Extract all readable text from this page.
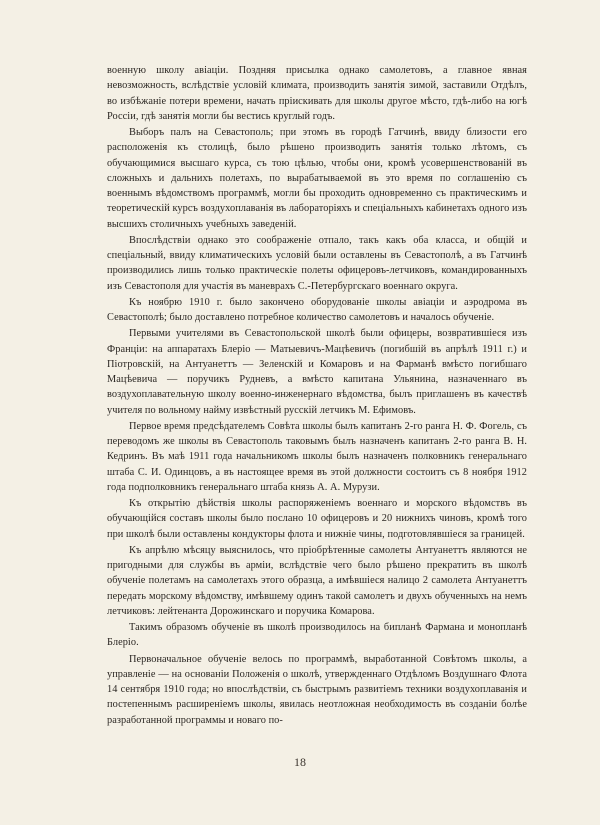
военную школу авіаціи. Поздняя присылка однако самолетовъ, а главное явная невозможность, вслѣдствіе условій климата, производить занятія зимой, заставили Отдѣлъ, во избѣжаніе потери времени, начать пріискивать для школы другое мѣсто, гдѣ-либо на югѣ Россіи, гдѣ занятія могли бы вестись круглый годъ.

Выборъ палъ на Севастополь; при этомъ въ городѣ Гатчинѣ, ввиду близости его расположенія къ столицѣ, было рѣшено производить занятія только лѣтомъ, съ обучающимися высшаго курса, съ тою цѣлью, чтобы они, кромѣ усовершенствованій въ сложныхъ и дальнихъ полетахъ, по вырабатываемой въ это время по соглашенію съ военнымъ вѣдомствомъ программѣ, могли бы проходить одновременно съ практическимъ и теоретическій курсъ воздухоплаванія въ лабораторіяхъ и спеціальныхъ кабинетахъ одного изъ высшихъ столичныхъ учебныхъ заведеній.

Впослѣдствіи однако это соображеніе отпало, такъ какъ оба класса, и общій и спеціальный, ввиду климатическихъ условій были оставлены въ Севастополѣ, а въ Гатчинѣ производились лишь только практическіе полеты офицеровъ-летчиковъ, командированныхъ изъ Севастополя для участія въ маневрахъ С.-Петербургскаго военнаго округа.

Къ ноябрю 1910 г. было закончено оборудованіе школы авіаціи и аэродрома въ Севастополѣ; было доставлено потребное количество самолетовъ и началось обученіе.

Первыми учителями въ Севастопольской школѣ были офицеры, возвратившіеся изъ Франціи: на аппаратахъ Блеріо — Матыевичъ-Мацѣевичъ (погибшій въ апрѣлѣ 1911 г.) и Піотровскій, на Антуанеттъ — Зеленскій и Комаровъ и на Фарманѣ вмѣсто погибшаго Мацѣевича — поручикъ Рудневъ, а вмѣсто капитана Ульянина, назначеннаго въ воздухоплавательную школу военно-инженернаго вѣдомства, былъ приглашенъ въ качествѣ учителя по вольному найму извѣстный русскій летчикъ М. Ефимовъ.

Первое время предсѣдателемъ Совѣта школы былъ капитанъ 2-го ранга Н. Ф. Фогель, съ переводомъ же школы въ Севастополь таковымъ былъ назначенъ капитанъ 2-го ранга В. Н. Кедринъ. Въ маѣ 1911 года начальникомъ школы былъ назначенъ полковникъ генеральнаго штаба С. И. Одинцовъ, а въ настоящее время въ этой должности состоитъ съ 8 ноября 1912 года подполковникъ генеральнаго штаба князь А. А. Мурузи.

Къ открытію дѣйствія школы распоряженіемъ военнаго и морского вѣдомствъ въ обучающійся составъ школы было послано 10 офицеровъ и 20 нижнихъ чиновъ, кромѣ того при школѣ были оставлены кондукторы флота и нижніе чины, подготовлявшіеся за границей.

Къ апрѣлю мѣсяцу выяснилось, что пріобрѣтенные самолеты Антуанеттъ являются не пригодными для службы въ арміи, вслѣдствіе чего было рѣшено прекратить въ школѣ обученіе полетамъ на самолетахъ этого образца, а имѣвшіеся налицо 2 самолета Антуанеттъ передать морскому вѣдомству, имѣвшему одинъ такой самолетъ и двухъ обученныхъ на немъ летчиковъ: лейтенанта Дорожинскаго и поручика Комарова.

Такимъ образомъ обученіе въ школѣ производилось на бипланѣ Фармана и монопланѣ Блеріо.

Первоначальное обученіе велось по программѣ, выработанной Совѣтомъ школы, а управленіе — на основаніи Положенія о школѣ, утвержденнаго Отдѣломъ Воздушнаго Флота 14 сентября 1910 года; но впослѣдствіи, съ быстрымъ развитіемъ техники воздухоплаванія и постепеннымъ расширеніемъ школы, явилась неотложная необходимость въ созданіи болѣе разработанной программы и новаго по-

18
